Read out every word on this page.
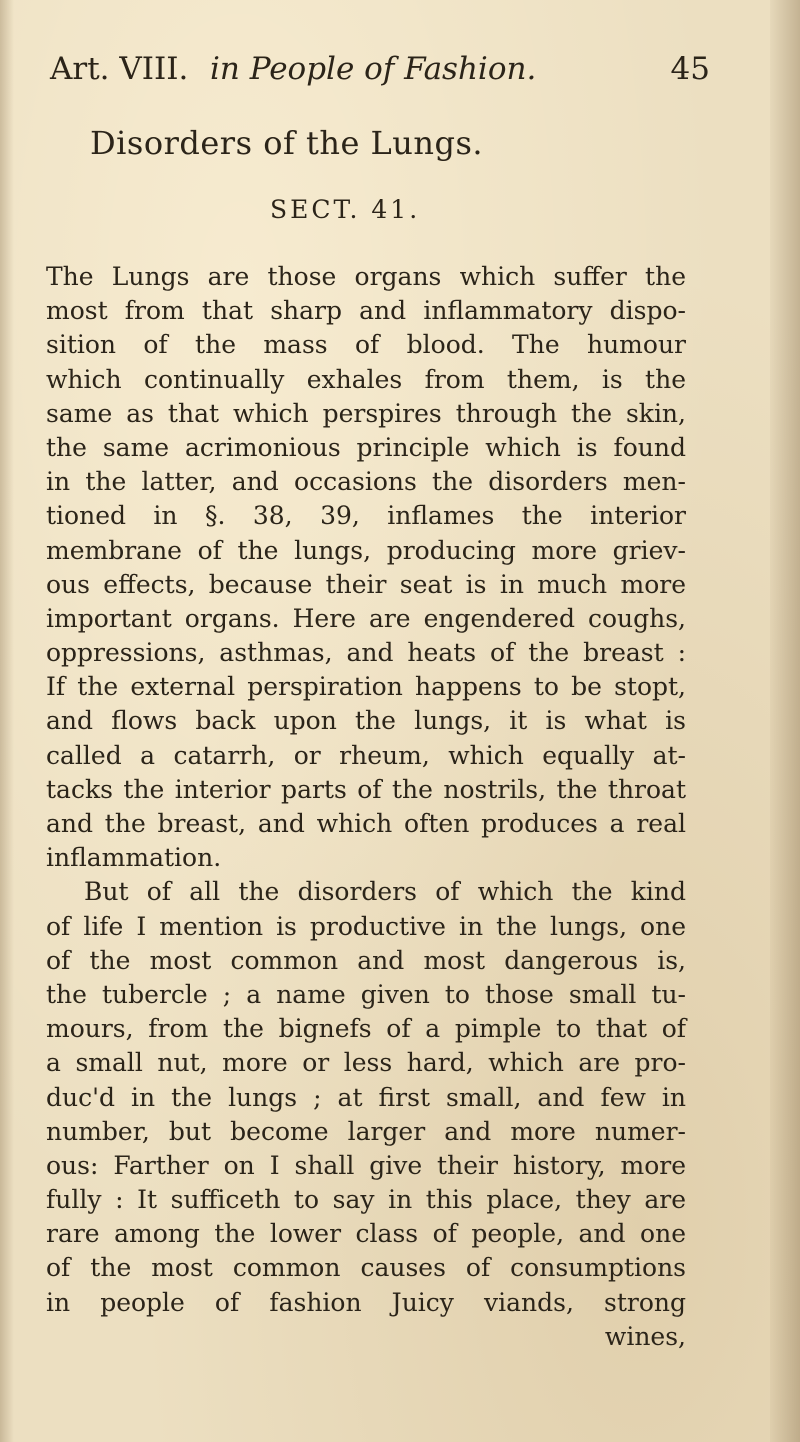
Art. VIII. in People of Fashion.	45
Disorders of the Lungs.
SECT. 41.
The Lungs are those organs which suffer the
most from that sharp and inflammatory dispo-
sition of the mass of blood. The humour
which continually exhales from them, is the
same as that which perspires through the skin,
the same acrimonious principle which is found
in the latter, and occasions the disorders men-
tioned in §. 38, 39, inflames the interior
membrane of the lungs, producing more griev-
ous effects, because their seat is in much more
important organs. Here are engendered coughs,
oppressions, asthmas, and heats of the breast :
If the external perspiration happens to be stopt,
and flows back upon the lungs, it is what is
called a catarrh, or rheum, which equally at-
tacks the interior parts of the nostrils, the throat
and the breast, and which often produces a real
inflammation.
But of all the disorders of which the kind
of life I mention is productive in the lungs, one
of the most common and most dangerous is,
the tubercle ; a name given to those small tu-
mours, from the bignefs of a pimple to that of
a small nut, more or less hard, which are pro-
duc'd in the lungs ; at first small, and few in
number, but become larger and more numer-
ous: Farther on I shall give their history, more
fully : It sufficeth to say in this place, they are
rare among the lower class of people, and one
of the most common causes of consumptions
in people of fashion Juicy viands, strong
wines,
